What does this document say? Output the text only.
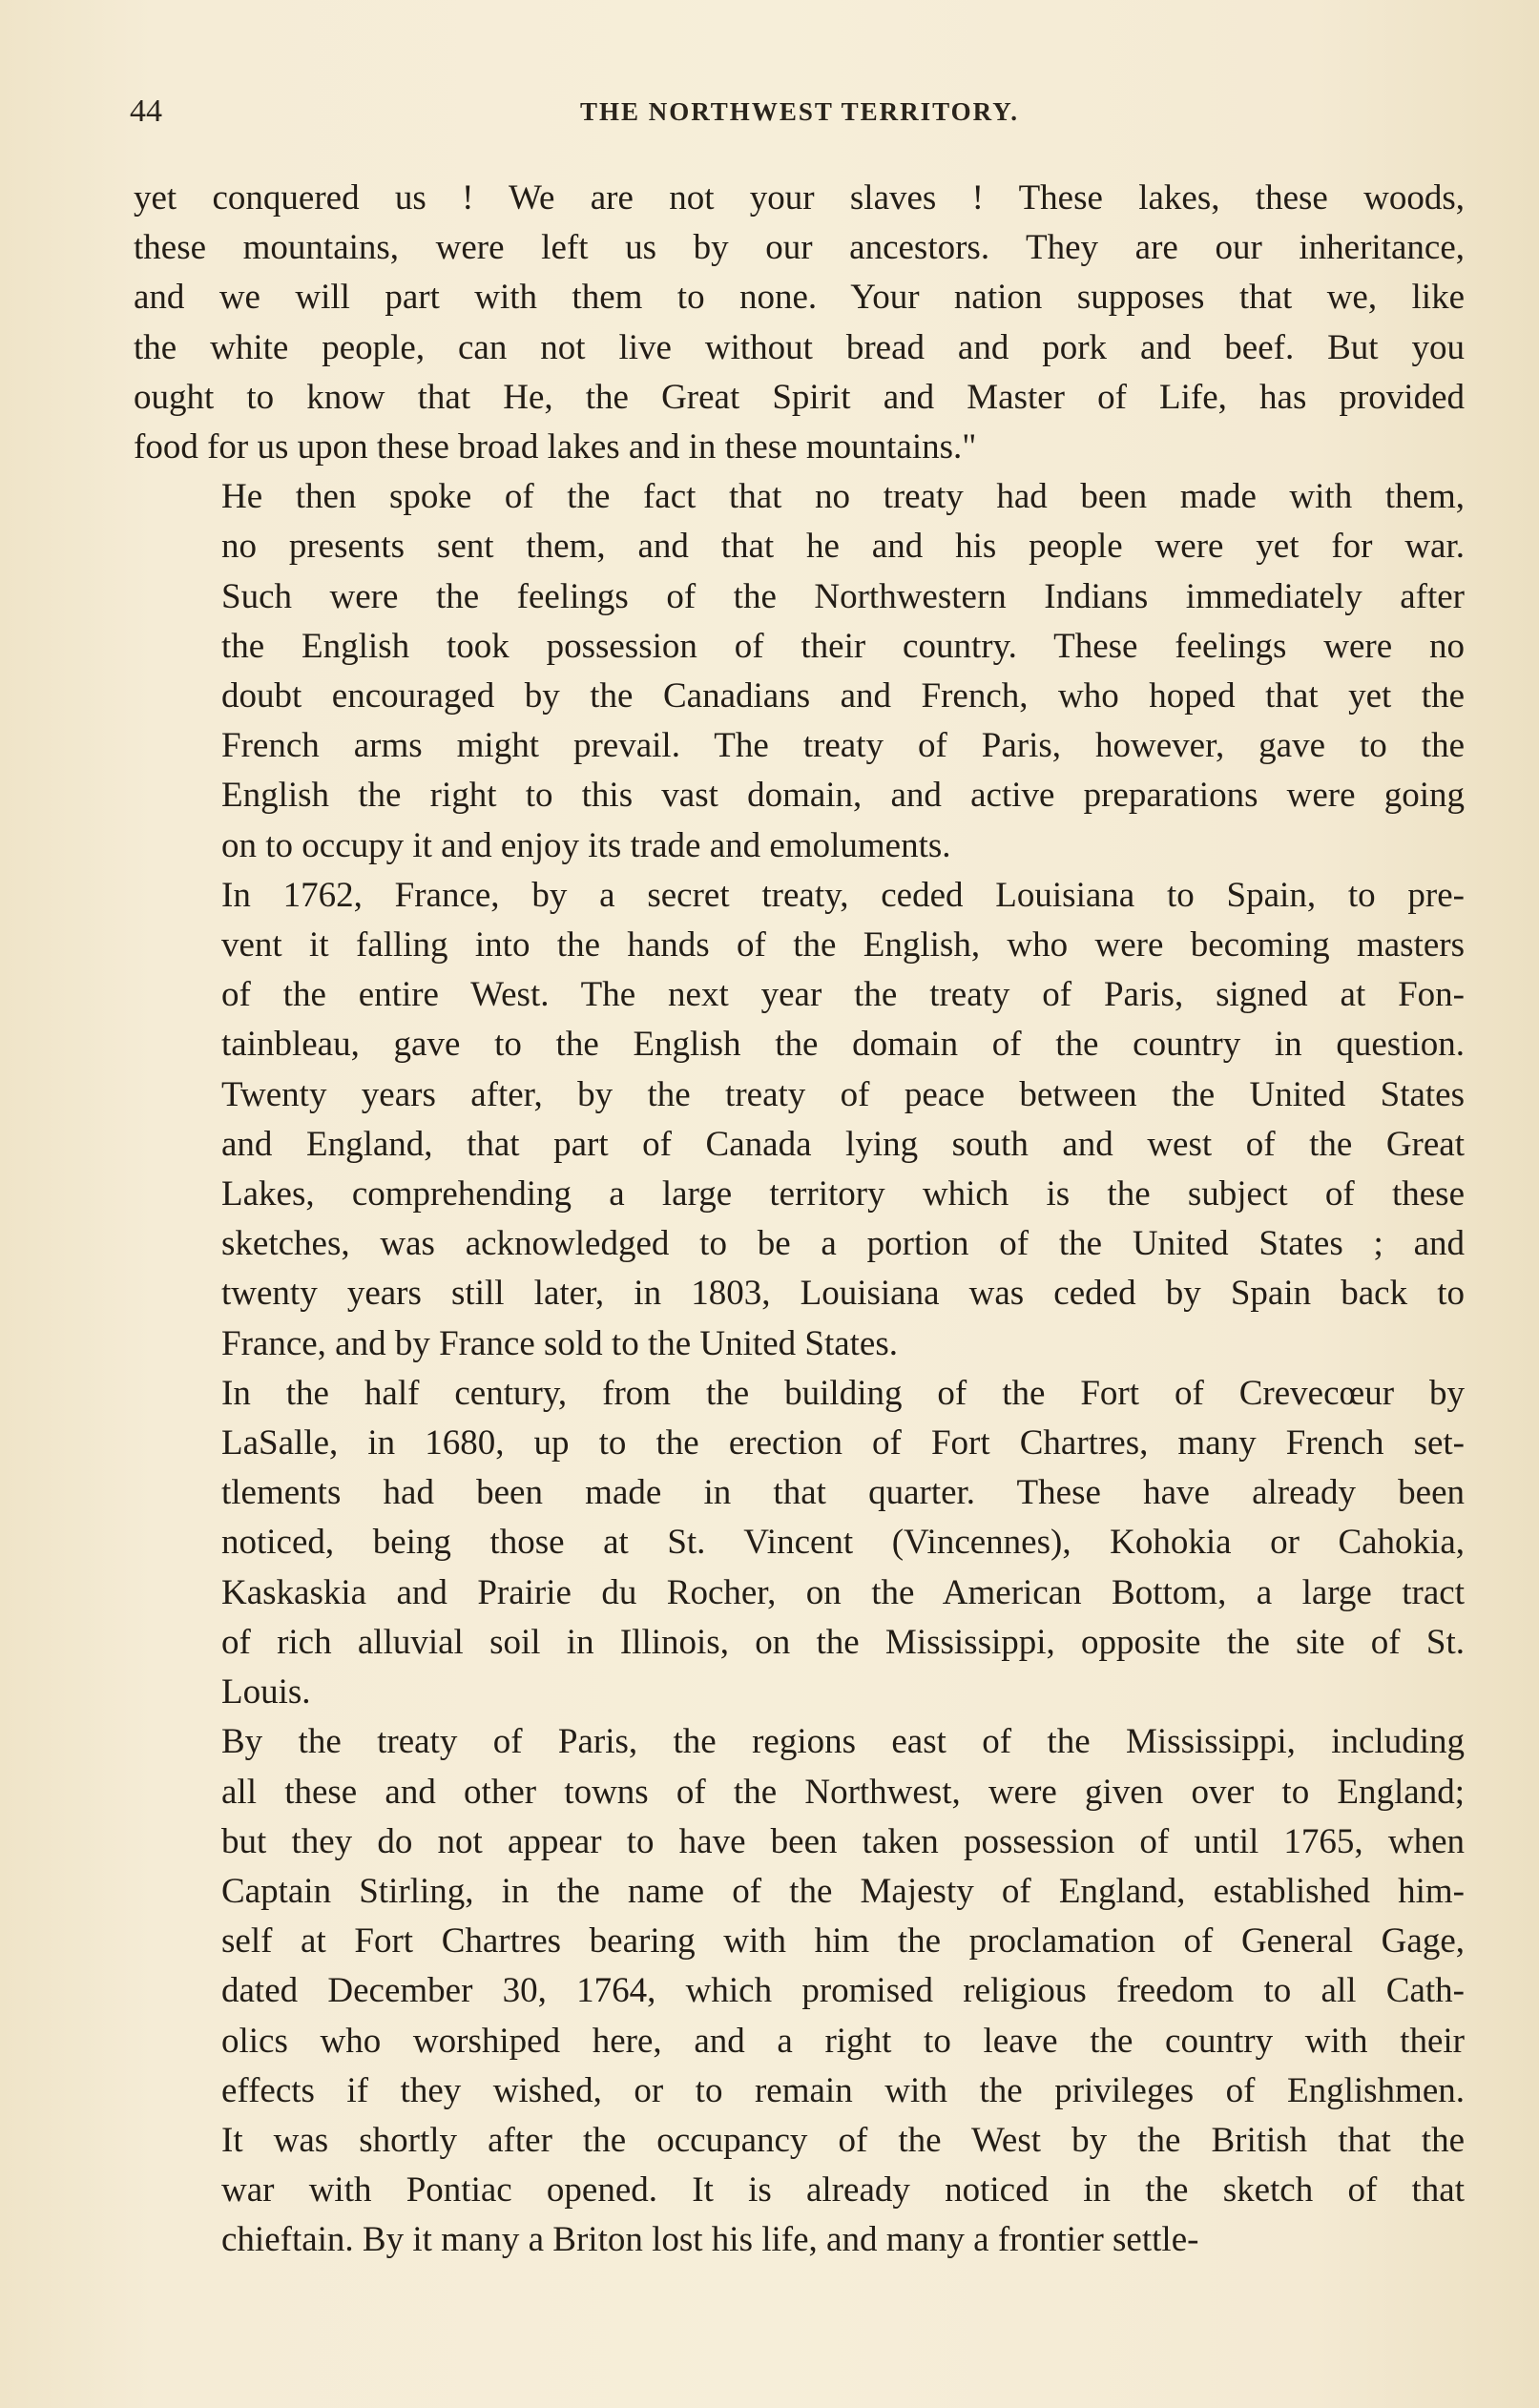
44	THE NORTHWEST TERRITORY.
yet conquered us ! We are not your slaves ! These lakes, these woods,
these mountains, were left us by our ancestors. They are our inheritance,
and we will part with them to none. Your nation supposes that we, like
the white people, can not live without bread and pork and beef. But you
ought to know that He, the Great Spirit and Master of Life, has provided
food for us upon these broad lakes and in these mountains."
He then spoke of the fact that no treaty had been made with them,
no presents sent them, and that he and his people were yet for war.
Such were the feelings of the Northwestern Indians immediately after
the English took possession of their country. These feelings were no
doubt encouraged by the Canadians and French, who hoped that yet the
French arms might prevail. The treaty of Paris, however, gave to the
English the right to this vast domain, and active preparations were going
on to occupy it and enjoy its trade and emoluments.
In 1762, France, by a secret treaty, ceded Louisiana to Spain, to pre-
vent it falling into the hands of the English, who were becoming masters
of the entire West. The next year the treaty of Paris, signed at Fon-
tainbleau, gave to the English the domain of the country in question.
Twenty years after, by the treaty of peace between the United States
and England, that part of Canada lying south and west of the Great
Lakes, comprehending a large territory which is the subject of these
sketches, was acknowledged to be a portion of the United States ; and
twenty years still later, in 1803, Louisiana was ceded by Spain back to
France, and by France sold to the United States.
In the half century, from the building of the Fort of Crevecœur by
LaSalle, in 1680, up to the erection of Fort Chartres, many French set-
tlements had been made in that quarter. These have already been
noticed, being those at St. Vincent (Vincennes), Kohokia or Cahokia,
Kaskaskia and Prairie du Rocher, on the American Bottom, a large tract
of rich alluvial soil in Illinois, on the Mississippi, opposite the site of St.
Louis.
By the treaty of Paris, the regions east of the Mississippi, including
all these and other towns of the Northwest, were given over to England;
but they do not appear to have been taken possession of until 1765, when
Captain Stirling, in the name of the Majesty of England, established him-
self at Fort Chartres bearing with him the proclamation of General Gage,
dated December 30, 1764, which promised religious freedom to all Cath-
olics who worshiped here, and a right to leave the country with their
effects if they wished, or to remain with the privileges of Englishmen.
It was shortly after the occupancy of the West by the British that the
war with Pontiac opened. It is already noticed in the sketch of that
chieftain. By it many a Briton lost his life, and many a frontier settle-
